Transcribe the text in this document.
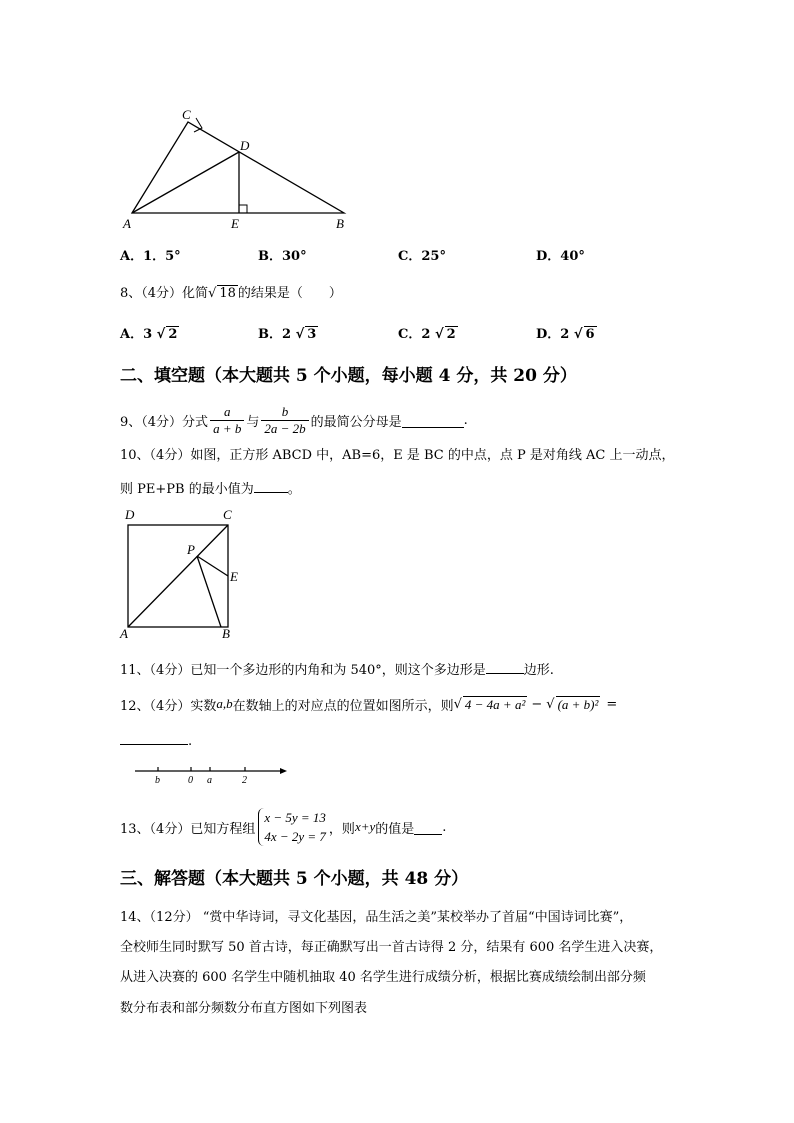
A	B
C
D
E
A．1．5°	B．30°	C．25°	D．40°
8、（4分）化简√ 18 的结果是（　　）
A．3 √ 2	B．2 √ 3	C．2 √ 2	D．2 √ 6
二、填空题（本大题共 5 个小题，每小题 4 分，共 20 分）
9、（4分） 分式 $\frac{a}{a + b}$ 与 $\frac{b}{2a - 2b}$ 的最简公分母是	.
10、（4分）如图，正方形 ABCD 中，AB=6，E 是 BC 的中点，点 P 是对角线 AC 上一动点，
则 PE+PB 的最小值为	。
D	C
A	B
E
P
11、（4分）已知一个多边形的内角和为 540°，则这个多边形是	边形.
12、（4分） 实数 a,b 在数轴上的对应点的位置如图所示，则 √ 4 − 4a + a² − √ (a + b)² =
.
b	0 a	2
13、（4分）已知方程组
x − 5y = 13
4x − 2y = 7 ，则 x+y 的值是 .
三、解答题（本大题共 5 个小题，共 48 分）
14、（12分） “赏中华诗词，寻文化基因，品生活之美”某校举办了首届“中国诗词比赛”，
全校师生同时默写 50 首古诗，每正确默写出一首古诗得 2 分，结果有 600 名学生进入决赛，
从进入决赛的 600 名学生中随机抽取 40 名学生进行成绩分析，根据比赛成绩绘制出部分频
数分布表和部分频数分布直方图如下列图表
